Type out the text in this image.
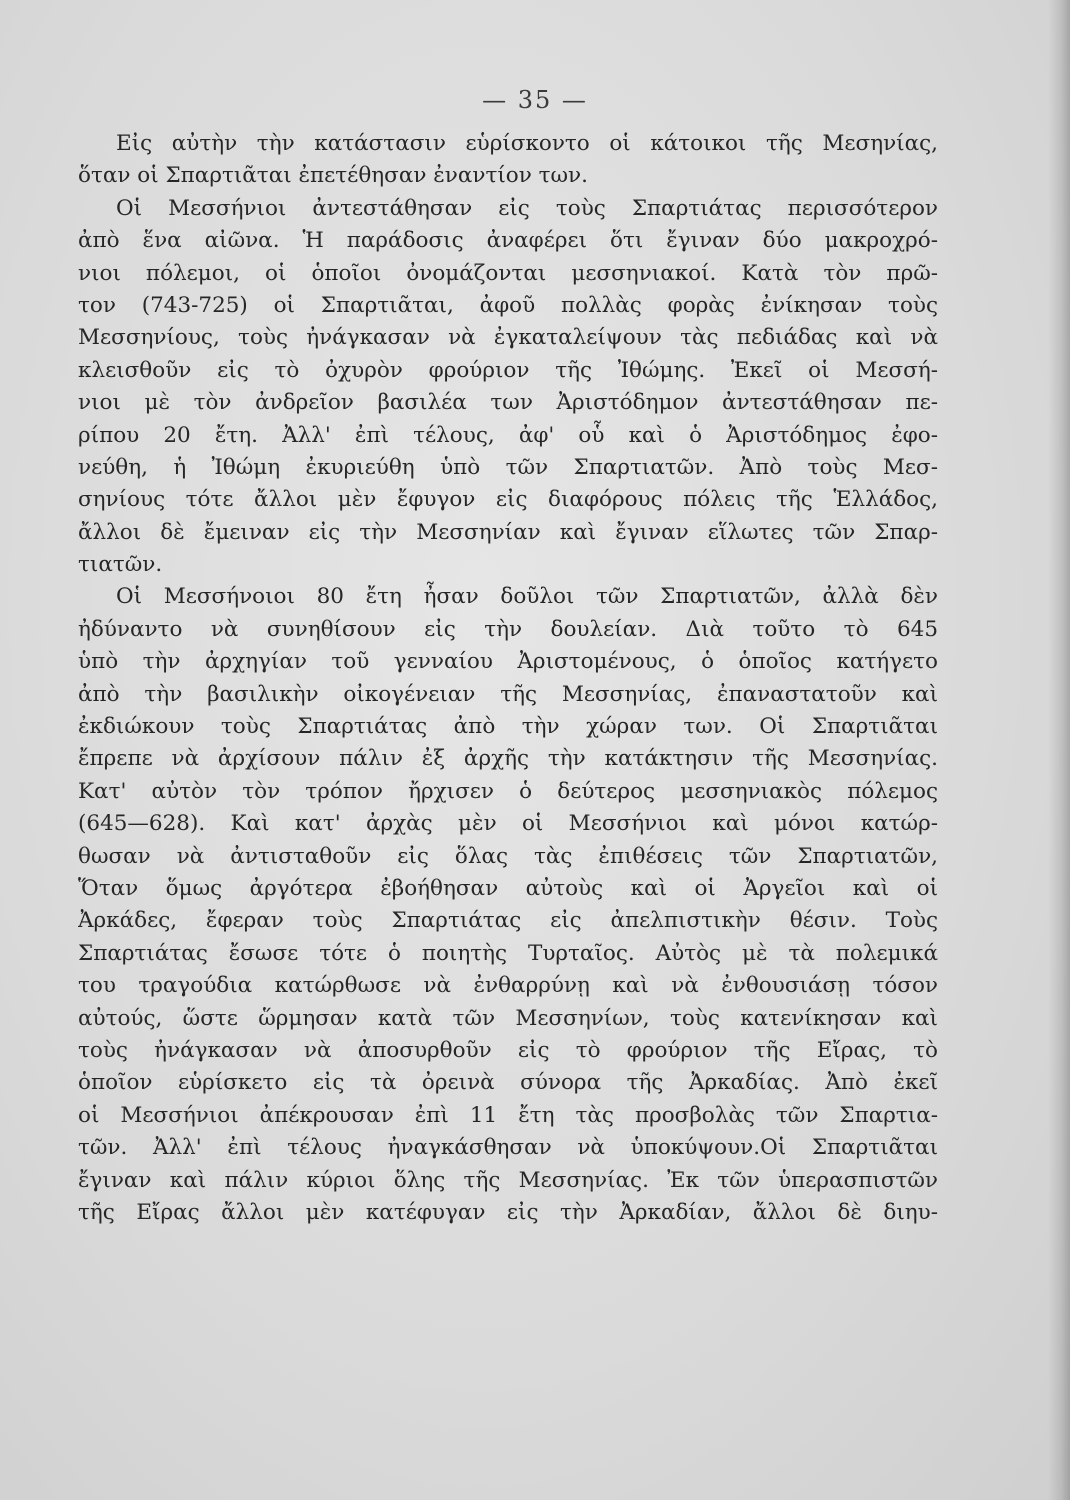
— 35 —
Εἰς αὐτὴν τὴν κατάστασιν εὑρίσκοντο οἱ κάτοικοι τῆς Μεσηνίας,
ὅταν οἱ Σπαρτιᾶται ἐπετέθησαν ἐναντίον των.
Οἱ Μεσσήνιοι ἀντεστάθησαν εἰς τοὺς Σπαρτιάτας περισσότερον
ἀπὸ ἕνα αἰῶνα. Ἡ παράδοσις ἀναφέρει ὅτι ἔγιναν δύο μακροχρό-
νιοι πόλεμοι, οἱ ὁποῖοι ὀνομάζονται μεσσηνιακοί. Κατὰ τὸν πρῶ-
τον (743-725) οἱ Σπαρτιᾶται, ἀφοῦ πολλὰς φορὰς ἐνίκησαν τοὺς
Μεσσηνίους, τοὺς ἠνάγκασαν νὰ ἐγκαταλείψουν τὰς πεδιάδας καὶ νὰ
κλεισθοῦν εἰς τὸ ὀχυρὸν φρούριον τῆς Ἰθώμης. Ἐκεῖ οἱ Μεσσή-
νιοι μὲ τὸν ἀνδρεῖον βασιλέα των Ἀριστόδημον ἀντεστάθησαν πε-
ρίπου 20 ἔτη. Ἀλλ' ἐπὶ τέλους, ἀφ' οὗ καὶ ὁ Ἀριστόδημος ἐφο-
νεύθη, ἡ Ἰθώμη ἐκυριεύθη ὑπὸ τῶν Σπαρτιατῶν. Ἀπὸ τοὺς Μεσ-
σηνίους τότε ἄλλοι μὲν ἔφυγον εἰς διαφόρους πόλεις τῆς Ἑλλάδος,
ἄλλοι δὲ ἔμειναν εἰς τὴν Μεσσηνίαν καὶ ἔγιναν εἵλωτες τῶν Σπαρ-
τιατῶν.
Οἱ Μεσσήνοιοι 80 ἔτη ἦσαν δοῦλοι τῶν Σπαρτιατῶν, ἀλλὰ δὲν
ἠδύναντο νὰ συνηθίσουν εἰς τὴν δουλείαν. Διὰ τοῦτο τὸ 645
ὑπὸ τὴν ἀρχηγίαν τοῦ γενναίου Ἀριστομένους, ὁ ὁποῖος κατήγετο
ἀπὸ τὴν βασιλικὴν οἰκογένειαν τῆς Μεσσηνίας, ἐπαναστατοῦν καὶ
ἐκδιώκουν τοὺς Σπαρτιάτας ἀπὸ τὴν χώραν των. Οἱ Σπαρτιᾶται
ἔπρεπε νὰ ἀρχίσουν πάλιν ἐξ ἀρχῆς τὴν κατάκτησιν τῆς Μεσσηνίας.
Κατ' αὐτὸν τὸν τρόπον ἤρχισεν ὁ δεύτερος μεσσηνιακὸς πόλεμος
(645—628). Καὶ κατ' ἀρχὰς μὲν οἱ Μεσσήνιοι καὶ μόνοι κατώρ-
θωσαν νὰ ἀντισταθοῦν εἰς ὅλας τὰς ἐπιθέσεις τῶν Σπαρτιατῶν,
Ὅταν ὅμως ἀργότερα ἐβοήθησαν αὐτοὺς καὶ οἱ Ἀργεῖοι καὶ οἱ
Ἀρκάδες, ἔφεραν τοὺς Σπαρτιάτας εἰς ἀπελπιστικὴν θέσιν. Τοὺς
Σπαρτιάτας ἔσωσε τότε ὁ ποιητὴς Τυρταῖος. Αὐτὸς μὲ τὰ πολεμικά
του τραγούδια κατώρθωσε νὰ ἐνθαρρύνῃ καὶ νὰ ἐνθουσιάσῃ τόσον
αὐτούς, ὥστε ὥρμησαν κατὰ τῶν Μεσσηνίων, τοὺς κατενίκησαν καὶ
τοὺς ἠνάγκασαν νὰ ἀποσυρθοῦν εἰς τὸ φρούριον τῆς Εἴρας, τὸ
ὁποῖον εὑρίσκετο εἰς τὰ ὀρεινὰ σύνορα τῆς Ἀρκαδίας. Ἀπὸ ἐκεῖ
οἱ Μεσσήνιοι ἀπέκρουσαν ἐπὶ 11 ἔτη τὰς προσβολὰς τῶν Σπαρτια-
τῶν. Ἀλλ' ἐπὶ τέλους ἠναγκάσθησαν νὰ ὑποκύψουν.Οἱ Σπαρτιᾶται
ἔγιναν καὶ πάλιν κύριοι ὅλης τῆς Μεσσηνίας. Ἐκ τῶν ὑπερασπιστῶν
τῆς Εἴρας ἄλλοι μὲν κατέφυγαν εἰς τὴν Ἀρκαδίαν, ἄλλοι δὲ διηυ-
